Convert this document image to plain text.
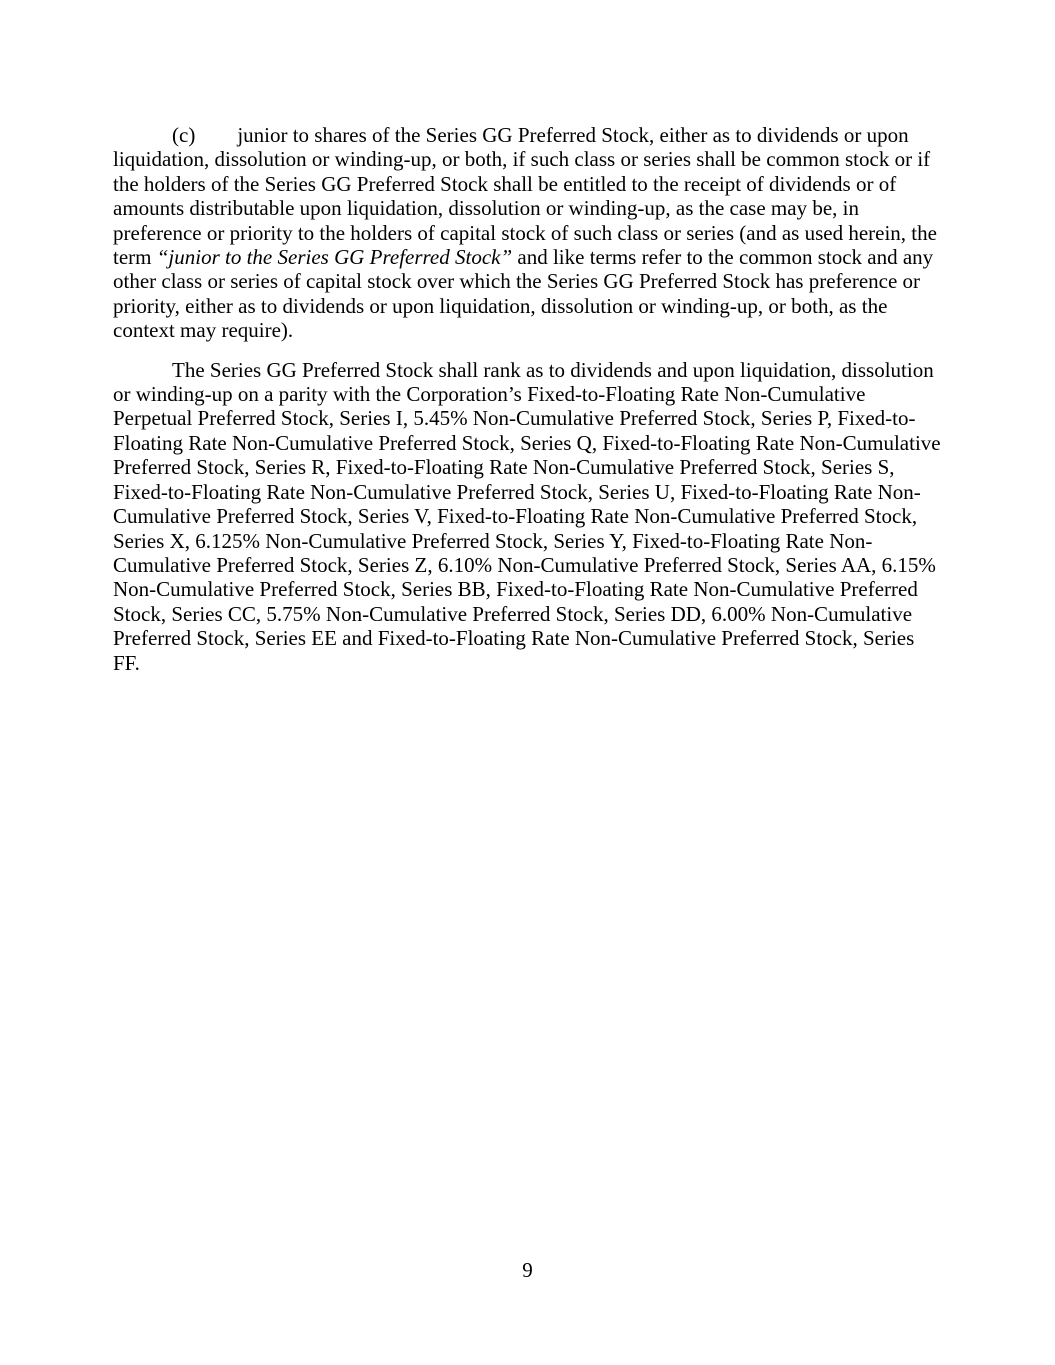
(c) junior to shares of the Series GG Preferred Stock, either as to dividends or upon liquidation, dissolution or winding-up, or both, if such class or series shall be common stock or if the holders of the Series GG Preferred Stock shall be entitled to the receipt of dividends or of amounts distributable upon liquidation, dissolution or winding-up, as the case may be, in preference or priority to the holders of capital stock of such class or series (and as used herein, the term “junior to the Series GG Preferred Stock” and like terms refer to the common stock and any other class or series of capital stock over which the Series GG Preferred Stock has preference or priority, either as to dividends or upon liquidation, dissolution or winding-up, or both, as the context may require).

The Series GG Preferred Stock shall rank as to dividends and upon liquidation, dissolution or winding-up on a parity with the Corporation’s Fixed-to-Floating Rate Non-Cumulative Perpetual Preferred Stock, Series I, 5.45% Non-Cumulative Preferred Stock, Series P, Fixed-to-Floating Rate Non-Cumulative Preferred Stock, Series Q, Fixed-to-Floating Rate Non-Cumulative Preferred Stock, Series R, Fixed-to-Floating Rate Non-Cumulative Preferred Stock, Series S, Fixed-to-Floating Rate Non-Cumulative Preferred Stock, Series U, Fixed-to-Floating Rate Non-Cumulative Preferred Stock, Series V, Fixed-to-Floating Rate Non-Cumulative Preferred Stock, Series X, 6.125% Non-Cumulative Preferred Stock, Series Y, Fixed-to-Floating Rate Non-Cumulative Preferred Stock, Series Z, 6.10% Non-Cumulative Preferred Stock, Series AA, 6.15% Non-Cumulative Preferred Stock, Series BB, Fixed-to-Floating Rate Non-Cumulative Preferred Stock, Series CC, 5.75% Non-Cumulative Preferred Stock, Series DD, 6.00% Non-Cumulative Preferred Stock, Series EE and Fixed-to-Floating Rate Non-Cumulative Preferred Stock, Series FF.

9
